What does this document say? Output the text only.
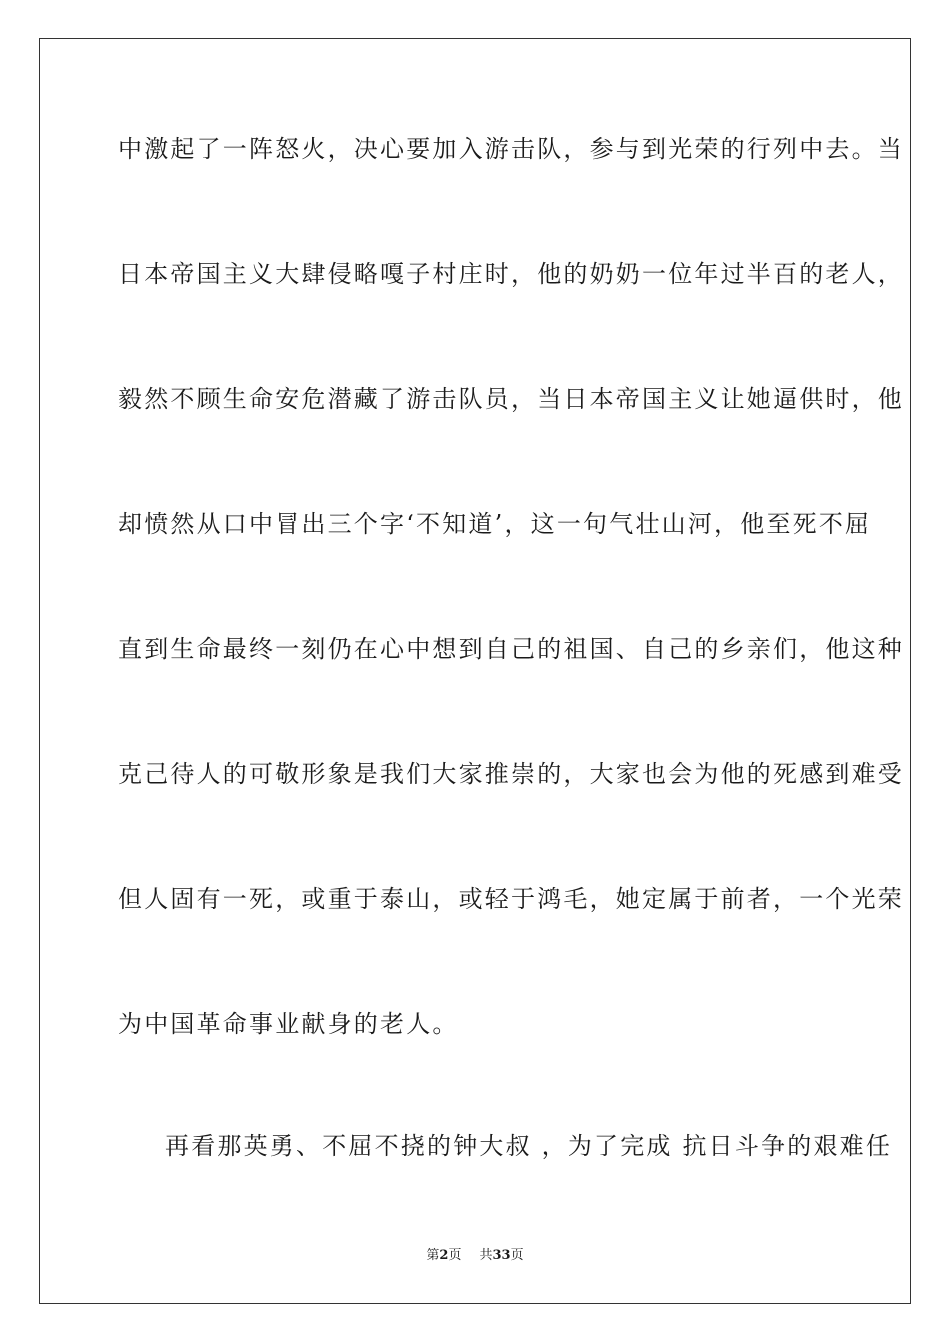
中激起了一阵怒火，决心要加入游击队，参与到光荣的行列中去。当
日本帝国主义大肆侵略嘎子村庄时，他的奶奶一位年过半百的老人，
毅然不顾生命安危潜藏了游击队员，当日本帝国主义让她逼供时，他
却愤然从口中冒出三个字‘不知道’，这一句气壮山河，他至死不屈
直到生命最终一刻仍在心中想到自己的祖国、自己的乡亲们，他这种
克己待人的可敬形象是我们大家推崇的，大家也会为他的死感到难受
但人固有一死，或重于泰山，或轻于鸿毛，她定属于前者，一个光荣
为中国革命事业献身的老人。
再看那英勇、不屈不挠的钟大叔 ，为了完成 抗日斗争的艰难任
第2页 共33页
